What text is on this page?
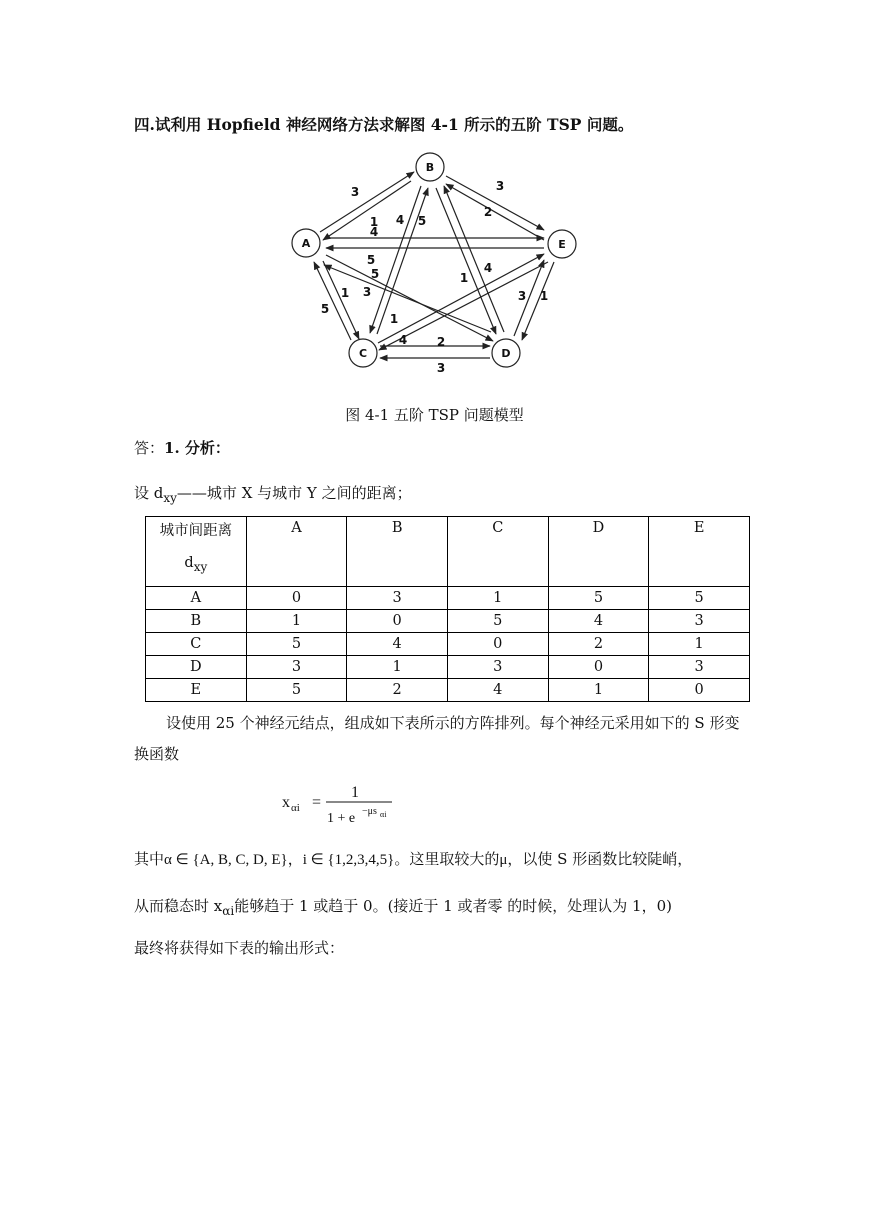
四.试利用 Hopfield 神经网络方法求解图 4-1 所示的五阶 TSP 问题。
A
B
C	D
E
3
1
4
5
3
2
4
5
5
1 3
5
1
1
4
3 1
4 2
3
图 4-1 五阶 TSP 问题模型
答：1. 分析：
设 $d_{xy}——$城市 X 与城市 Y 之间的距离；
城市间距离
$d_{xy}$	A	B	C	D	E
A	0	3	1	5	5
B	1	0	5	4	3
C	5	4	0	2	1
D	3	1	3	0	3
E	5	2	4	1	0
设使用 25 个神经元结点，组成如下表所示的方阵排列。每个神经元采用如下的 S 形变换函数
x αi =
1
1 + e −μs αi
其中α ∈ {A, B, C, D, E}，i ∈ {1,2,3,4,5}。这里取较大的μ，以使 S 形函数比较陡峭，
从而稳态时 $x_{\alpha i}$能够趋于 1 或趋于 0。(接近于 1 或者零 的时候，处理认为 1，0)
最终将获得如下表的输出形式：
